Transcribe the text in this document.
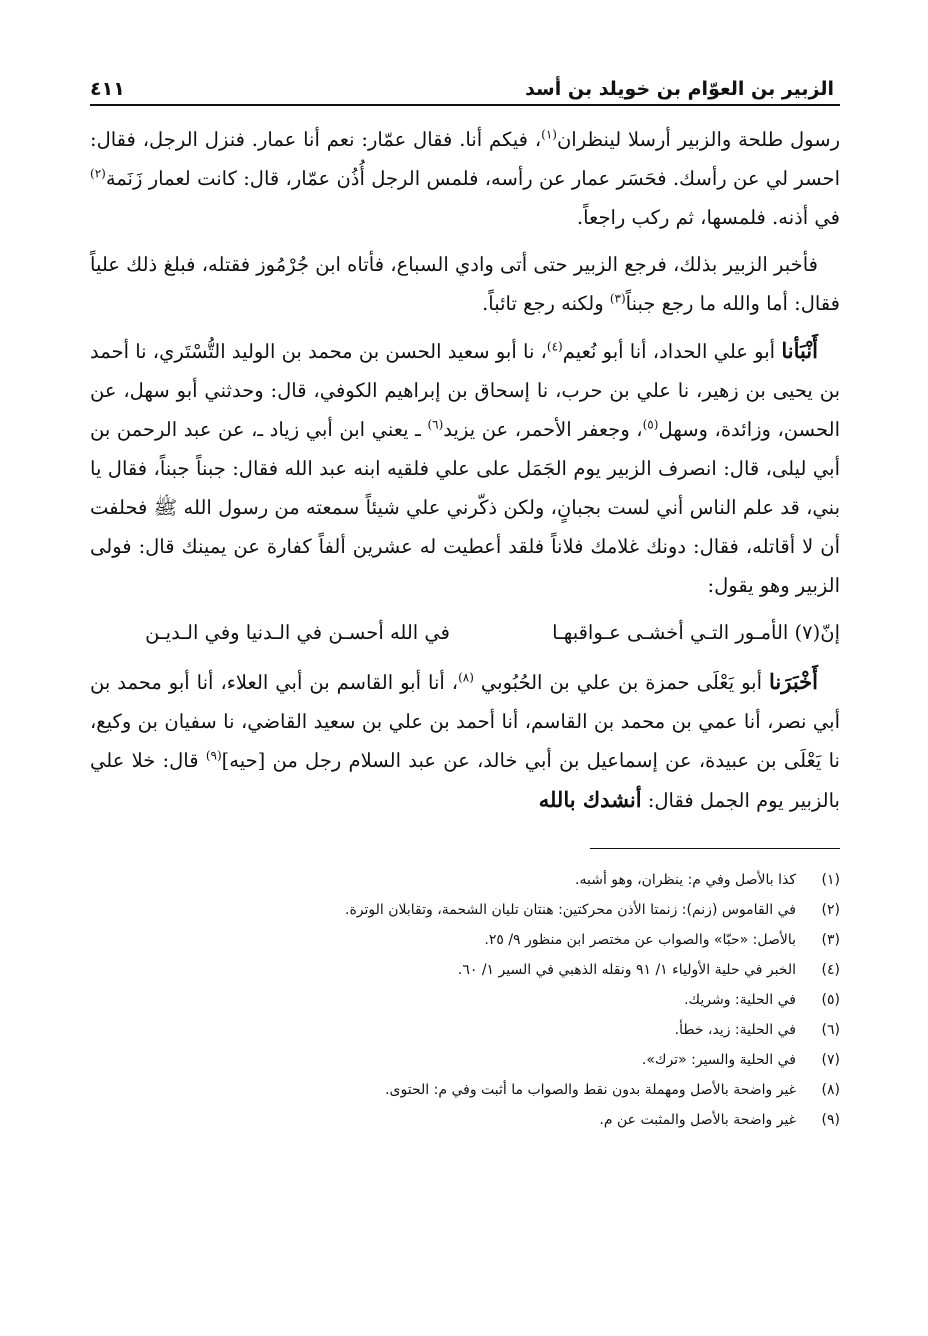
الزبير بن العوّام بن خويلد بن أسد
٤١١

رسول طلحة والزبير أرسلا لينظران$^{(١)}$، فيكم أنا. فقال عمّار: نعم أنا عمار. فنزل الرجل، فقال: احسر لي عن رأسك. فحَسَر عمار عن رأسه، فلمس الرجل أُذُن عمّار، قال: كانت لعمار زَنَمة$^{(٢)}$ في أذنه. فلمسها، ثم ركب راجعاً.

فأخبر الزبير بذلك، فرجع الزبير حتى أتى وادي السباع، فأتاه ابن جُرْمُوز فقتله، فبلغ ذلك علياً فقال: أما والله ما رجع جبناً$^{(٣)}$ ولكنه رجع تائباً.

أَنْبَأنا أبو علي الحداد، أنا أبو نُعيم$^{(٤)}$، نا أبو سعيد الحسن بن محمد بن الوليد التُّسْتَري، نا أحمد بن يحيى بن زهير، نا علي بن حرب، نا إسحاق بن إبراهيم الكوفي، قال: وحدثني أبو سهل، عن الحسن، وزائدة، وسهل$^{(٥)}$، وجعفر الأحمر، عن يزيد$^{(٦)}$ ـ يعني ابن أبي زياد ـ، عن عبد الرحمن بن أبي ليلى، قال: انصرف الزبير يوم الجَمَل على علي فلقيه ابنه عبد الله فقال: جبناً جبناً، فقال يا بني، قد علم الناس أني لست بجبانٍ، ولكن ذكّرني علي شيئاً سمعته من رسول الله ﷺ فحلفت أن لا أقاتله، فقال: دونك غلامك فلاناً فلقد أعطيت له عشرين ألفاً كفارة عن يمينك قال: فولى الزبير وهو يقول:

إنّ(٧) الأمـور التـي أخشـى عـواقبهـا
في الله أحسـن في الـدنيا وفي الـديـن

أَخْبَرَنا أبو يَعْلَى حمزة بن علي بن الحُبُوبي $^{(٨)}$، أنا أبو القاسم بن أبي العلاء، أنا أبو محمد بن أبي نصر، أنا عمي بن محمد بن القاسم، أنا أحمد بن علي بن سعيد القاضي، نا سفيان بن وكيع، نا يَعْلَى بن عبيدة، عن إسماعيل بن أبي خالد، عن عبد السلام رجل من [حيه]$^{(٩)}$ قال: خلا علي بالزبير يوم الجمل فقال: أنشدك بالله

(١)
كذا بالأصل وفي م: ينظران، وهو أشبه.
(٢)
في القاموس (زنم): زنمتا الأذن محركتين: هنتان تليان الشحمة، وتقابلان الوترة.
(٣)
بالأصل: «حبّا» والصواب عن مختصر ابن منظور ٩/ ٢٥.
(٤)
الخبر في حلية الأولياء ١/ ٩١ ونقله الذهبي في السير ١/ ٦٠.
(٥)
في الحلية: وشريك.
(٦)
في الحلية: زيد، خطأ.
(٧)
في الحلية والسير: «ترك».
(٨)
غير واضحة بالأصل ومهملة بدون نقط والصواب ما أثبت وفي م: الحتوى.
(٩)
غير واضحة بالأصل والمثبت عن م.
